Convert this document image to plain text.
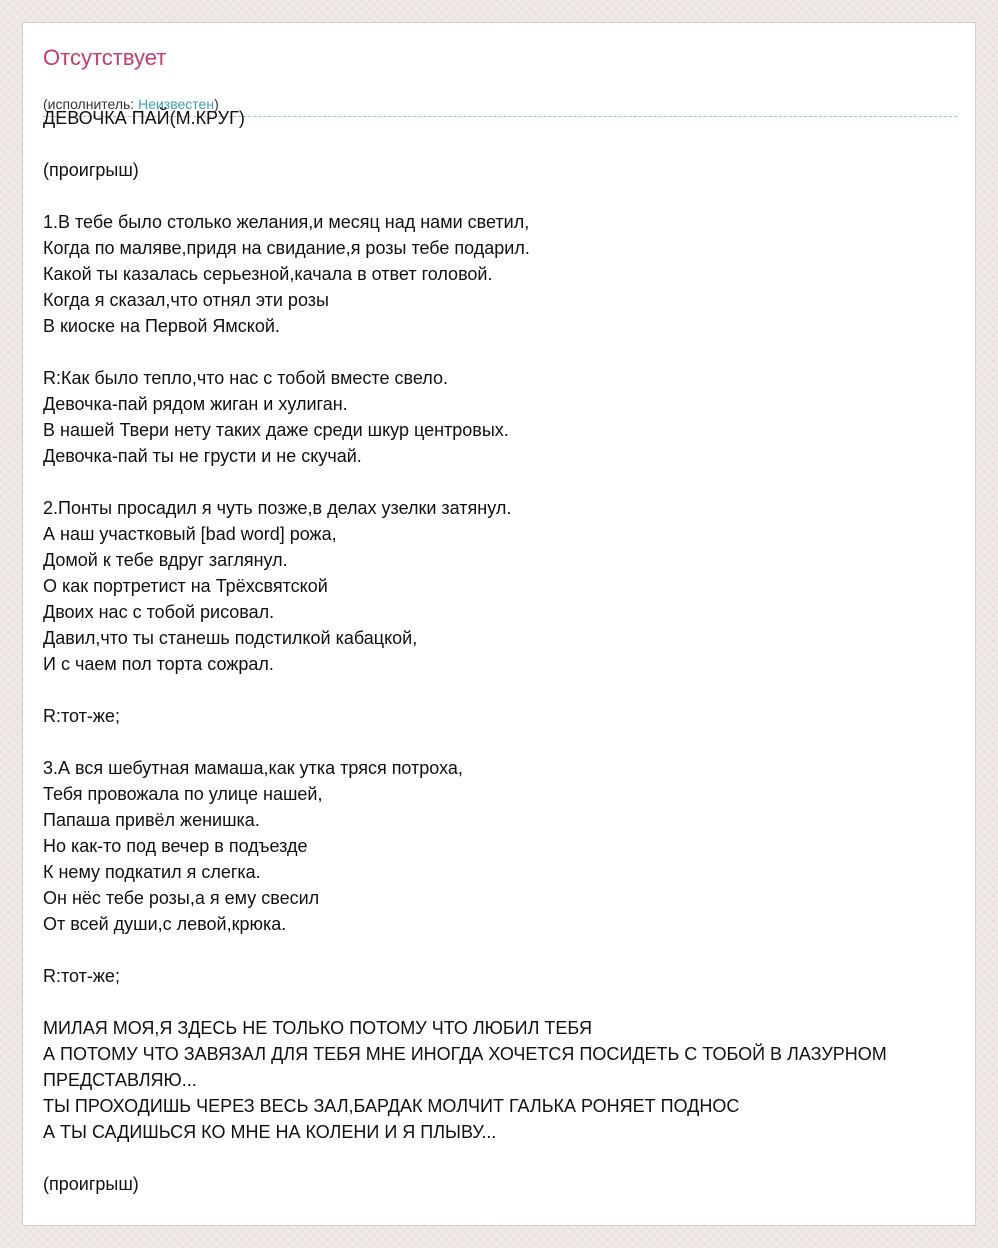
Отсутствует
(исполнитель: Неизвестен)
ДЕВОЧКА ПАЙ(М.КРУГ)
(проигрыш)
1.В тебе было столько желания,и месяц над нами светил,
Когда по маляве,придя на свидание,я розы тебе подарил.
Какой ты казалась серьезной,качала в ответ головой.
Когда я сказал,что отнял эти розы
В киоске на Первой Ямской.
R:Как было тепло,что нас с тобой вместе свело.
Девочка-пай рядом жиган и хулиган.
В нашей Твери нету таких даже среди шкур центровых.
Девочка-пай ты не грусти и не скучай.
2.Понты просадил я чуть позже,в делах узелки затянул.
А наш участковый [bad word] рожа,
Домой к тебе вдруг заглянул.
О как портретист на Трёхсвятской
Двоих нас с тобой рисовал.
Давил,что ты станешь подстилкой кабацкой,
И с чаем пол торта сожрал.
R:тот-же;
3.А вся шебутная мамаша,как утка тряся потроха,
Тебя провожала по улице нашей,
Папаша привёл женишка.
Но как-то под вечер в подъезде
К нему подкатил я слегка.
Он нёс тебе розы,а я ему свесил
От всей души,с левой,крюка.
R:тот-же;
МИЛАЯ МОЯ,Я ЗДЕСЬ НЕ ТОЛЬКО ПОТОМУ ЧТО ЛЮБИЛ ТЕБЯ
А ПОТОМУ ЧТО ЗАВЯЗАЛ ДЛЯ ТЕБЯ МНЕ ИНОГДА ХОЧЕТСЯ ПОСИДЕТЬ С ТОБОЙ В ЛАЗУРНОМ
ПРЕДСТАВЛЯЮ...
ТЫ ПРОХОДИШЬ ЧЕРЕЗ ВЕСЬ ЗАЛ,БАРДАК МОЛЧИТ ГАЛЬКА РОНЯЕТ ПОДНОС
А ТЫ САДИШЬСЯ КО МНЕ НА КОЛЕНИ И Я ПЛЫВУ...
(проигрыш)
